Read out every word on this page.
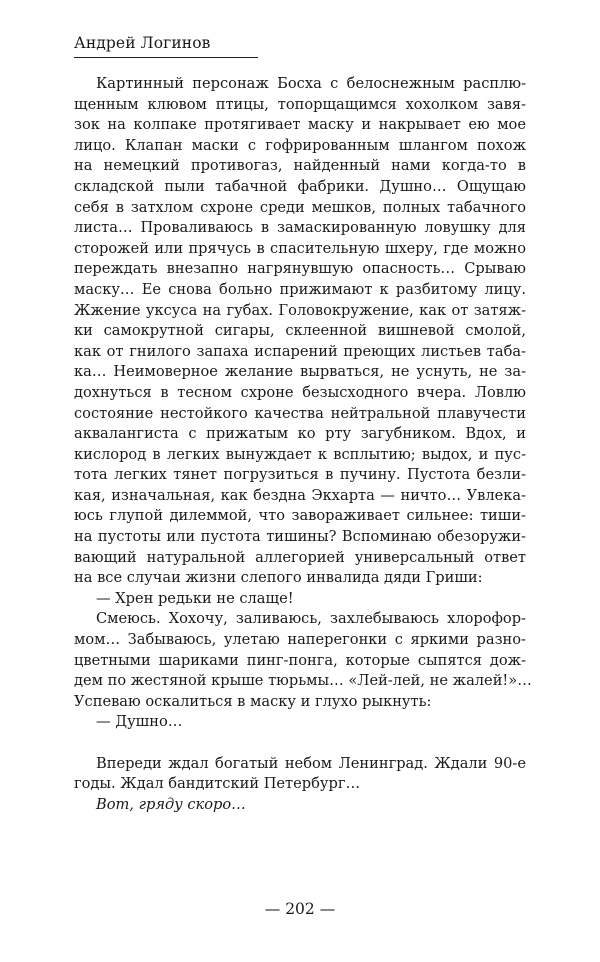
Андрей Логинов
Картинный персонаж Босха с белоснежным расплю-
щенным клювом птицы, топорщащимся хохолком завя-
зок на колпаке протягивает маску и накрывает ею мое
лицо. Клапан маски с гофрированным шлангом похож
на немецкий противогаз, найденный нами когда-то в
складской пыли табачной фабрики. Душно… Ощущаю
себя в затхлом схроне среди мешков, полных табачного
листа… Проваливаюсь в замаскированную ловушку для
сторожей или прячусь в спасительную шхеру, где можно
переждать внезапно нагрянувшую опасность… Срываю
маску… Ее снова больно прижимают к разбитому лицу.
Жжение уксуса на губах. Головокружение, как от затяж-
ки самокрутной сигары, склеенной вишневой смолой,
как от гнилого запаха испарений преющих листьев таба-
ка… Неимоверное желание вырваться, не уснуть, не за-
дохнуться в тесном схроне безысходного вчера. Ловлю
состояние нестойкого качества нейтральной плавучести
аквалангиста с прижатым ко рту загубником. Вдох, и
кислород в легких вынуждает к всплытию; выдох, и пус-
тота легких тянет погрузиться в пучину. Пустота безли-
кая, изначальная, как бездна Экхарта — ничто… Увлека-
юсь глупой дилеммой, что завораживает сильнее: тиши-
на пустоты или пустота тишины? Вспоминаю обезоружи-
вающий натуральной аллегорией универсальный ответ
на все случаи жизни слепого инвалида дяди Гриши:
— Хрен редьки не слаще!
Смеюсь. Хохочу, заливаюсь, захлебываюсь хлорофор-
мом… Забываюсь, улетаю наперегонки с яркими разно-
цветными шариками пинг-понга, которые сыпятся дож-
дем по жестяной крыше тюрьмы… «Лей-лей, не жалей!»…
Успеваю оскалиться в маску и глухо рыкнуть:
— Душно…
Впереди ждал богатый небом Ленинград. Ждали 90-е
годы. Ждал бандитский Петербург…
Вот, гряду скоро…
— 202 —
